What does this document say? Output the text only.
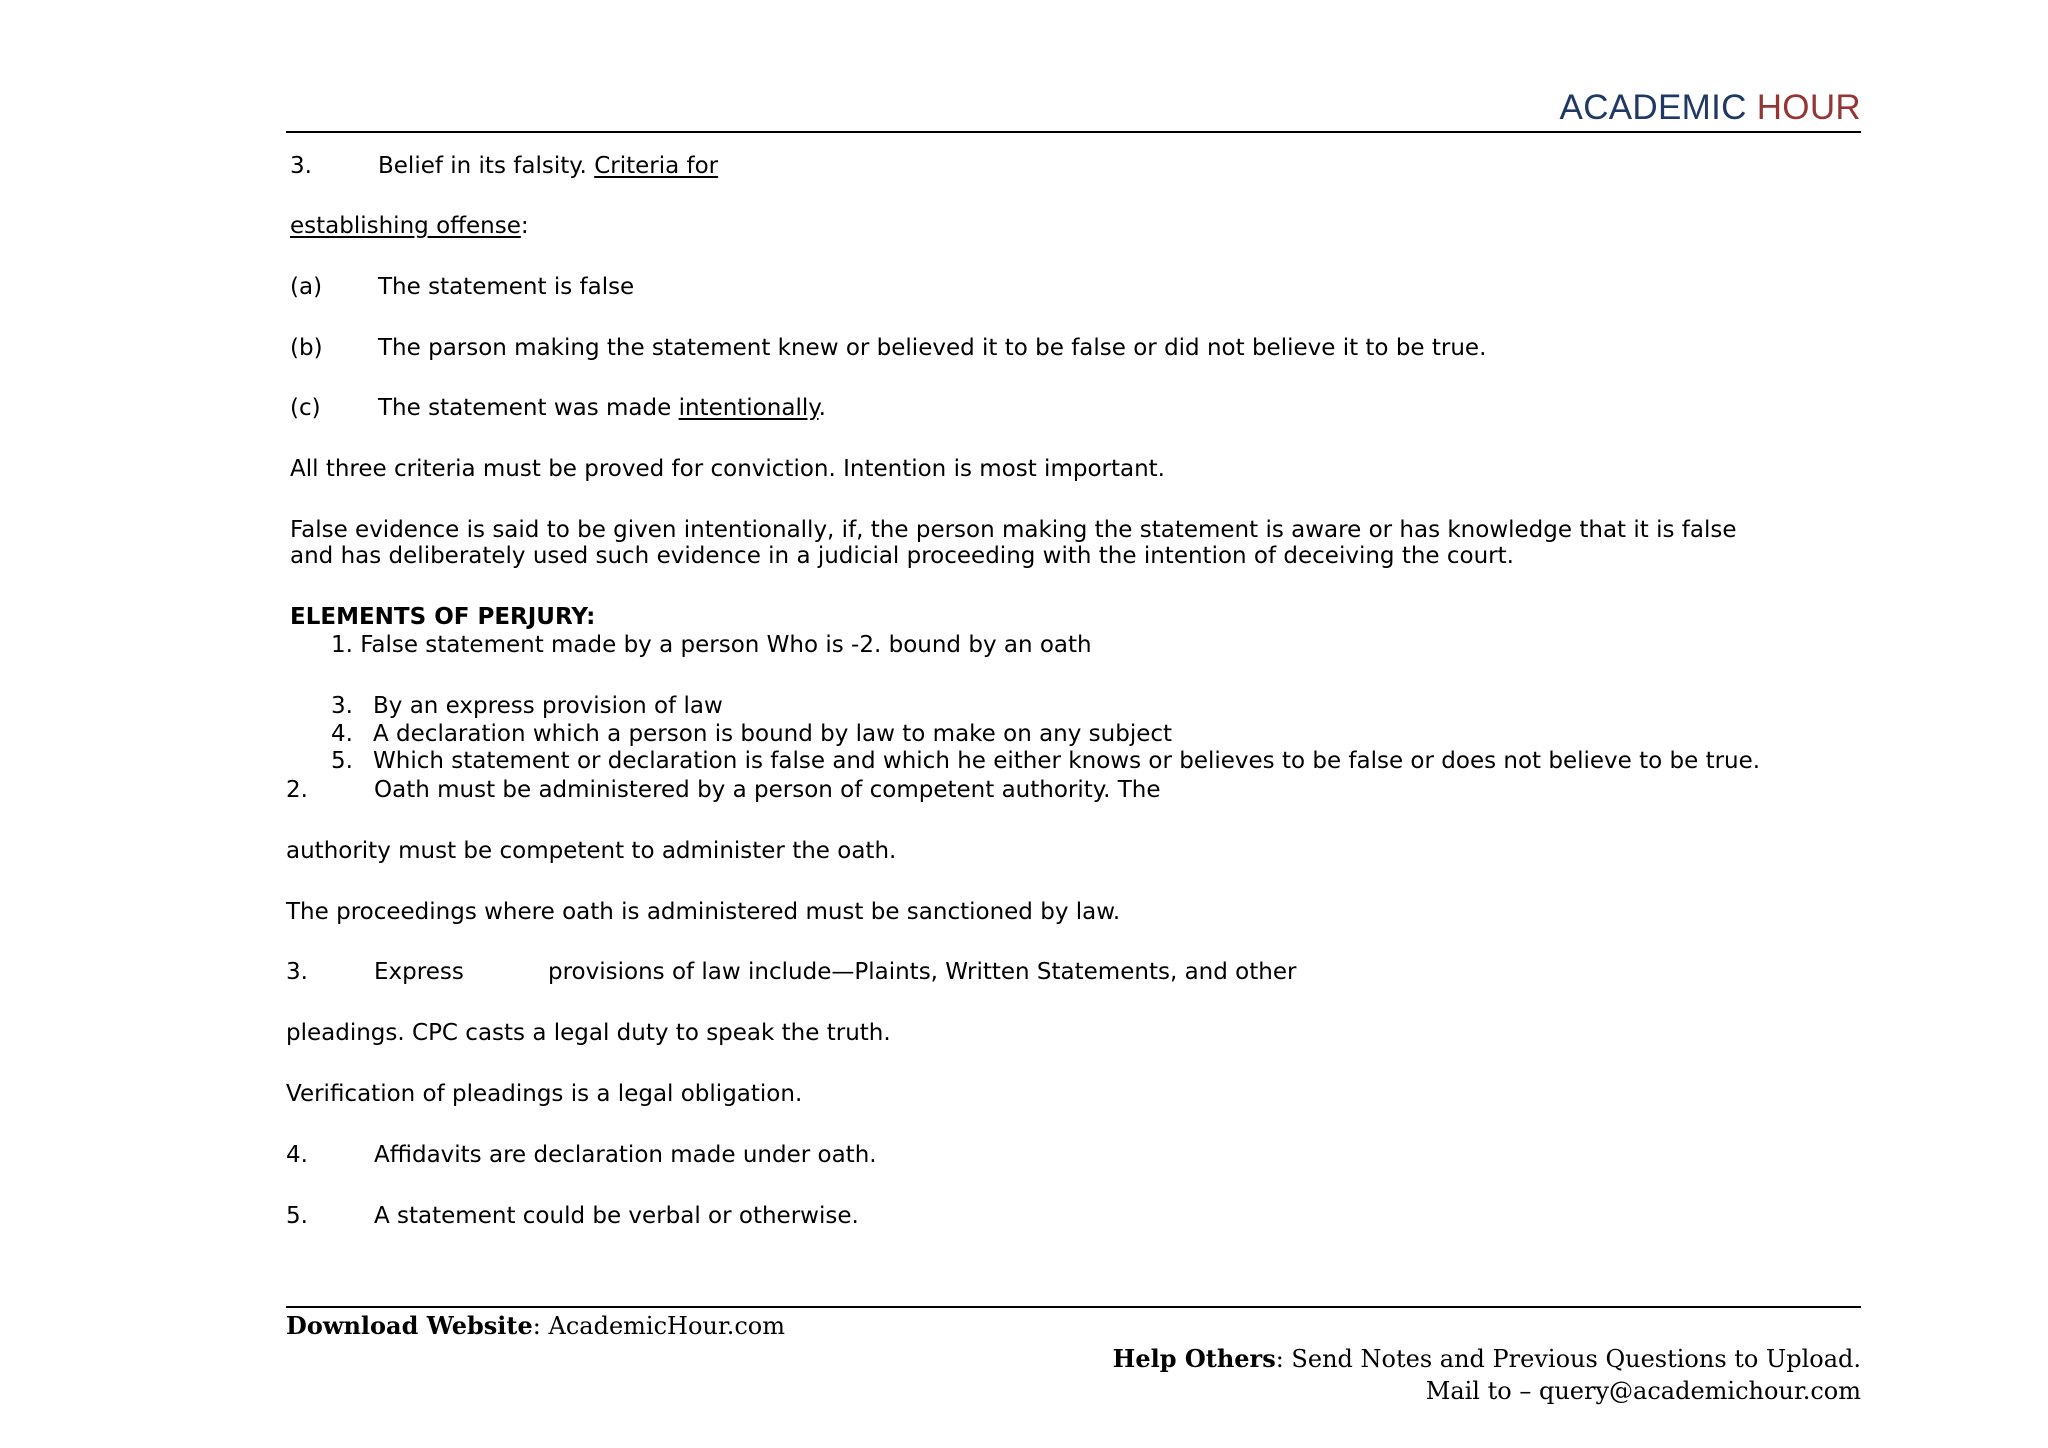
ACADEMIC HOUR
3.	Belief in its falsity. Criteria for
establishing offense:
(a) The statement is false
(b) The parson making the statement knew or believed it to be false or did not believe it to be true.
(c) The statement was made intentionally.
All three criteria must be proved for conviction. Intention is most important.
False evidence is said to be given intentionally, if, the person making the statement is aware or has knowledge that it is false
and has deliberately used such evidence in a judicial proceeding with the intention of deceiving the court.
ELEMENTS OF PERJURY:
1. False statement made by a person Who is -2. bound by an oath
3. By an express provision of law
4. A declaration which a person is bound by law to make on any subject
5. Which statement or declaration is false and which he either knows or believes to be false or does not believe to be true.
2.	Oath must be administered by a person of competent authority. The
authority must be competent to administer the oath.
The proceedings where oath is administered must be sanctioned by law.
3.	Express	provisions of law include—Plaints, Written Statements, and other
pleadings. CPC casts a legal duty to speak the truth.
Verification of pleadings is a legal obligation.
4.	Affidavits are declaration made under oath.
5.	A statement could be verbal or otherwise.
Download Website: AcademicHour.com
Help Others: Send Notes and Previous Questions to Upload.
Mail to – query@academichour.com
